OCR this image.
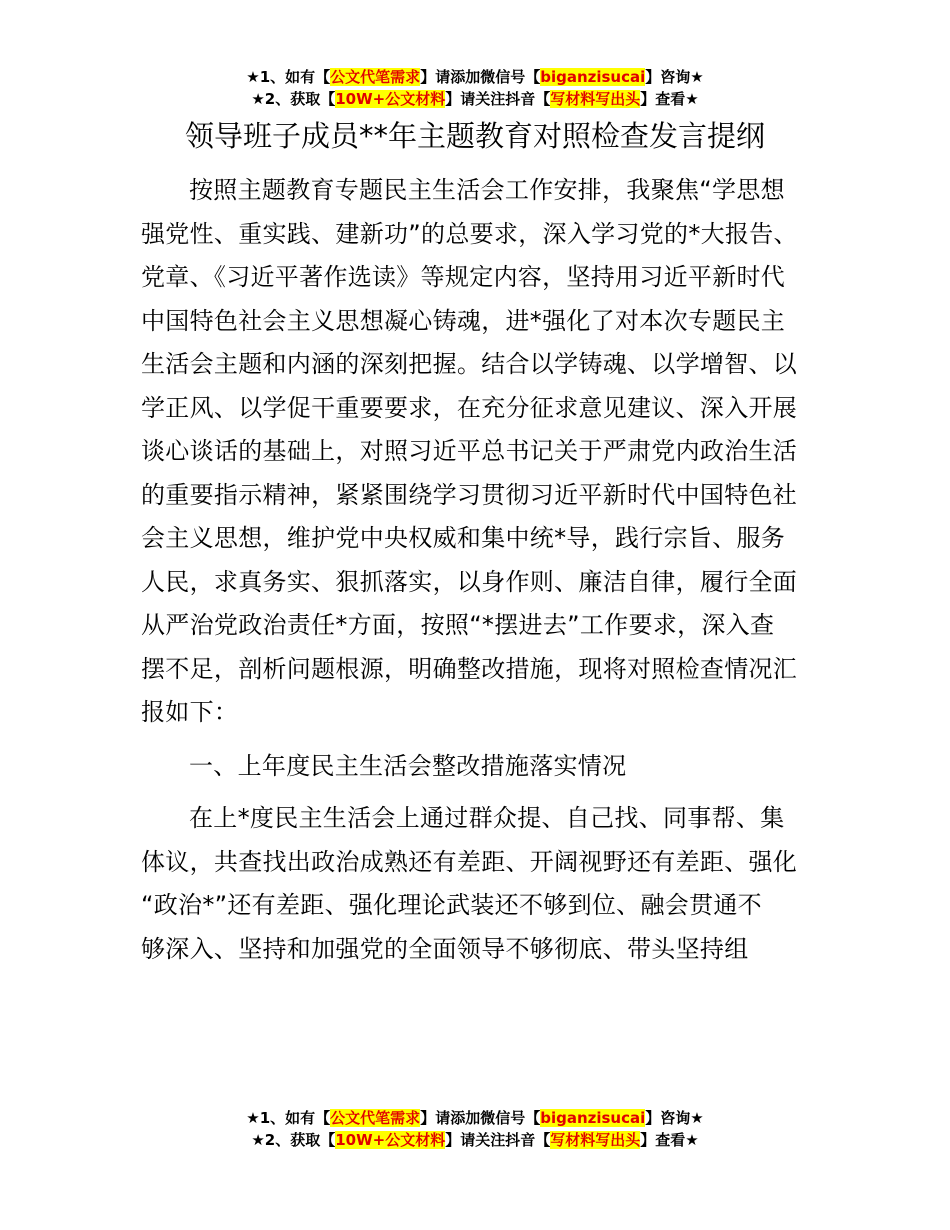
★1、如有【公文代笔需求】请添加微信号【biganzisucai】咨询★
★2、获取【10W+公文材料】请关注抖音【写材料写出头】查看★
领导班子成员**年主题教育对照检查发言提纲
按照主题教育专题民主生活会工作安排，我聚焦“学思想
强党性、重实践、建新功”的总要求，深入学习党的*大报告、
党章、《习近平著作选读》等规定内容，坚持用习近平新时代
中国特色社会主义思想凝心铸魂，进*强化了对本次专题民主
生活会主题和内涵的深刻把握。结合以学铸魂、以学增智、以
学正风、以学促干重要要求，在充分征求意见建议、深入开展
谈心谈话的基础上，对照习近平总书记关于严肃党内政治生活
的重要指示精神，紧紧围绕学习贯彻习近平新时代中国特色社
会主义思想，维护党中央权威和集中统*导，践行宗旨、服务
人民，求真务实、狠抓落实，以身作则、廉洁自律，履行全面
从严治党政治责任*方面，按照“*摆进去”工作要求，深入查
摆不足，剖析问题根源，明确整改措施，现将对照检查情况汇
报如下：
一、上年度民主生活会整改措施落实情况
在上*度民主生活会上通过群众提、自己找、同事帮、集
体议，共查找出政治成熟还有差距、开阔视野还有差距、强化
“政治*”还有差距、强化理论武装还不够到位、融会贯通不
够深入、坚持和加强党的全面领导不够彻底、带头坚持组
★1、如有【公文代笔需求】请添加微信号【biganzisucai】咨询★
★2、获取【10W+公文材料】请关注抖音【写材料写出头】查看★
